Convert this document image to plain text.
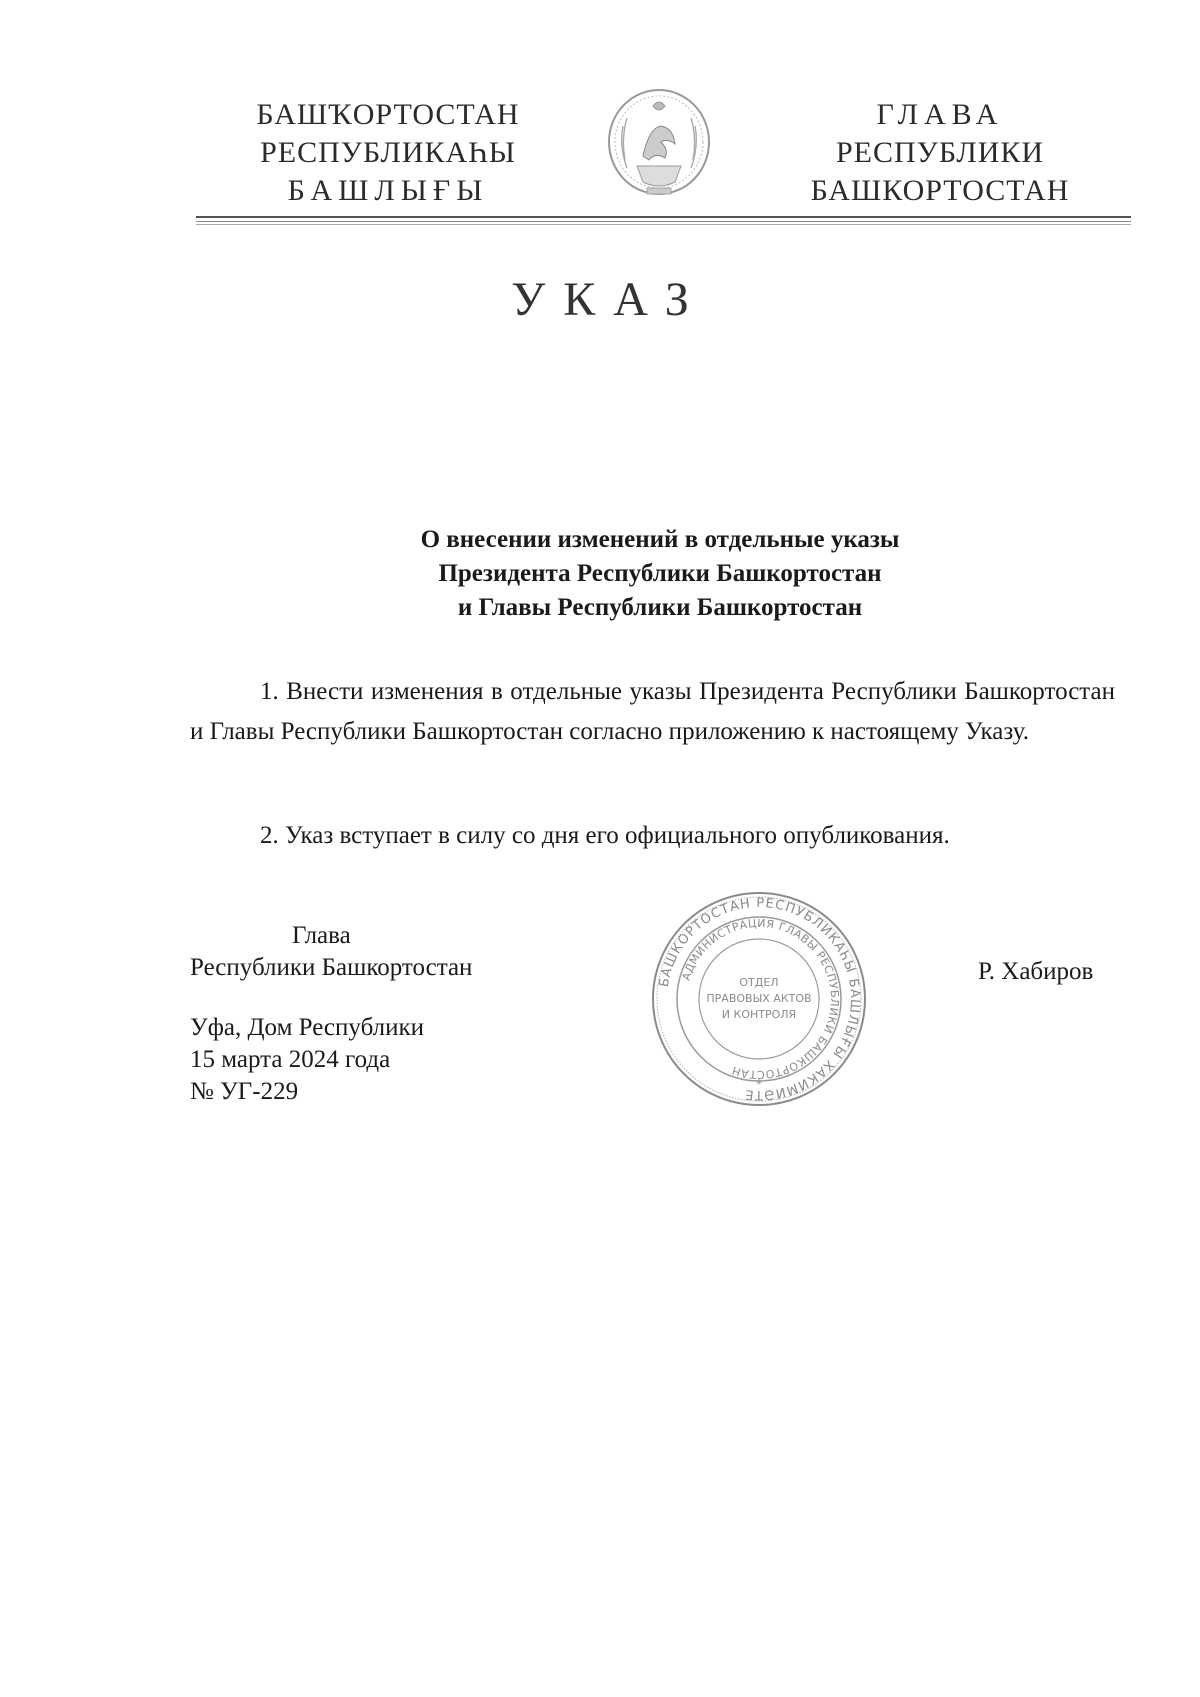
БАШҠОРТОСТАН
РЕСПУБЛИКАҺЫ
БАШЛЫҒЫ
ГЛАВА
РЕСПУБЛИКИ
БАШКОРТОСТАН
УКАЗ
О внесении изменений в отдельные указы
Президента Республики Башкортостан
и Главы Республики Башкортостан
1. Внести изменения в отдельные указы Президента Республики Башкортостан и Главы Республики Башкортостан согласно приложению к настоящему Указу.
2. Указ вступает в силу со дня его официального опубликования.
Глава
Республики Башкортостан
Уфа, Дом Республики
15 марта 2024 года
№ УГ-229
Р. Хабиров
БАШКОРТОСТАН РЕСПУБЛИКАҺЫ БАШЛЫҒЫ ХАКИМИӘТЕ
АДМИНИСТРАЦИЯ ГЛАВЫ РЕСПУБЛИКИ БАШКОРТОСТАН
ОТДЕЛ
ПРАВОВЫХ АКТОВ
И КОНТРОЛЯ
*
